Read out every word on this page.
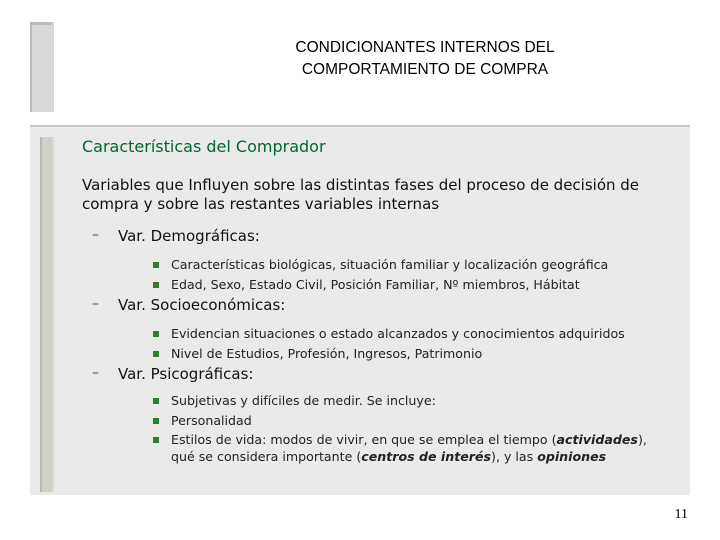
CONDICIONANTES INTERNOS DEL
COMPORTAMIENTO DE COMPRA
Características del Comprador
Variables que Influyen sobre las distintas fases del proceso de decisión de compra y sobre las restantes variables internas
– Var. Demográficas:
Características biológicas, situación familiar y localización geográfica
Edad, Sexo, Estado Civil, Posición Familiar, Nº miembros, Hábitat
– Var. Socioeconómicas:
Evidencian situaciones o estado alcanzados y conocimientos adquiridos
Nivel de Estudios, Profesión, Ingresos, Patrimonio
– Var. Psicográficas:
Subjetivas y difíciles de medir. Se incluye:
Personalidad
Estilos de vida: modos de vivir, en que se emplea el tiempo (actividades), qué se considera importante (centros de interés), y las opiniones
11
